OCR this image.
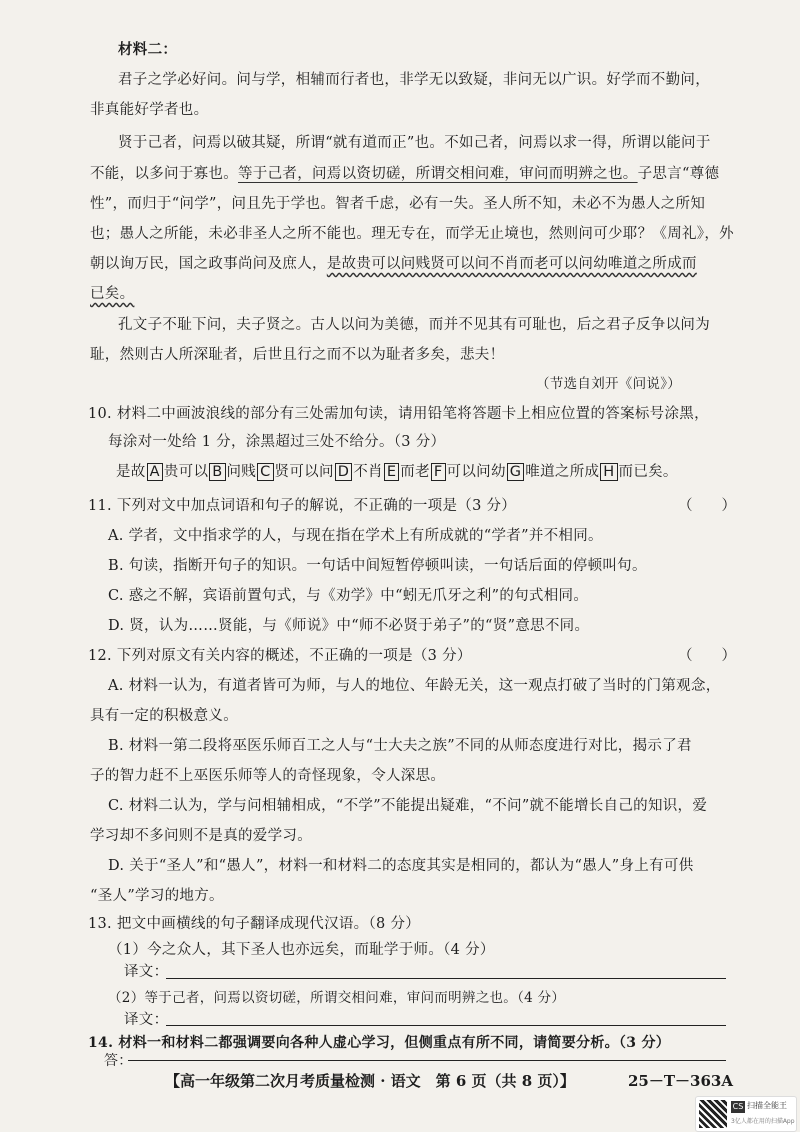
材料二：
君子之学必好问。问与学，相辅而行者也，非学无以致疑，非问无以广识。好学而不勤问，
非真能好学者也。
贤于己者，问焉以破其疑，所谓“就有道而正”也。不如己者，问焉以求一得，所谓以能问于
不能，以多问于寡也。等于己者，问焉以资切磋，所谓交相问难，审问而明辨之也。子思言“尊德
性”，而归于“问学”，问且先于学也。智者千虑，必有一失。圣人所不知，未必不为愚人之所知
也；愚人之所能，未必非圣人之所不能也。理无专在，而学无止境也，然则问可少耶？《周礼》，外
朝以询万民，国之政事尚问及庶人，是故贵可以问贱贤可以问不肖而老可以问幼唯道之所成而
已矣。
孔文子不耻下问，夫子贤之。古人以问为美德，而并不见其有可耻也，后之君子反争以问为
耻，然则古人所深耻者，后世且行之而不以为耻者多矣，悲夫！
（节选自刘开《问说》）
10. 材料二中画波浪线的部分有三处需加句读，请用铅笔将答题卡上相应位置的答案标号涂黑，
每涂对一处给 1 分，涂黑超过三处不给分。（3 分）
是故 A 贵可以 B 问贱 C 贤可以问 D 不肖 E 而老 F 可以问幼 G 唯道之所成 H 而已矣。
11. 下列对文中加点词语和句子的解说，不正确的一项是（3 分）	（　　）
A. 学者，文中指求学的人，与现在指在学术上有所成就的“学者”并不相同。
B. 句读，指断开句子的知识。一句话中间短暂停顿叫读，一句话后面的停顿叫句。
C. 惑之不解，宾语前置句式，与《劝学》中“蚓无爪牙之利”的句式相同。
D. 贤，认为……贤能，与《师说》中“师不必贤于弟子”的“贤”意思不同。
12. 下列对原文有关内容的概述，不正确的一项是（3 分）	（　　）
A. 材料一认为，有道者皆可为师，与人的地位、年龄无关，这一观点打破了当时的门第观念，
具有一定的积极意义。
B. 材料一第二段将巫医乐师百工之人与“士大夫之族”不同的从师态度进行对比，揭示了君
子的智力赶不上巫医乐师等人的奇怪现象，令人深思。
C. 材料二认为，学与问相辅相成，“不学”不能提出疑难，“不问”就不能增长自己的知识，爱
学习却不多问则不是真的爱学习。
D. 关于“圣人”和“愚人”，材料一和材料二的态度其实是相同的，都认为“愚人”身上有可供
“圣人”学习的地方。
13. 把文中画横线的句子翻译成现代汉语。（8 分）
（1）今之众人，其下圣人也亦远矣，而耻学于师。（4 分）
译文：
【高一年级第二次月考质量检测 · 语文　第 6 页（共 8 页）】	25－T－363A
CS 扫描全能王
3亿人都在用的扫描App
（2）等于己者，问焉以资切磋，所谓交相问难，审问而明辨之也。（4 分）
译文：
14. 材料一和材料二都强调要向各种人虚心学习，但侧重点有所不同，请简要分析。（3 分）
答：
